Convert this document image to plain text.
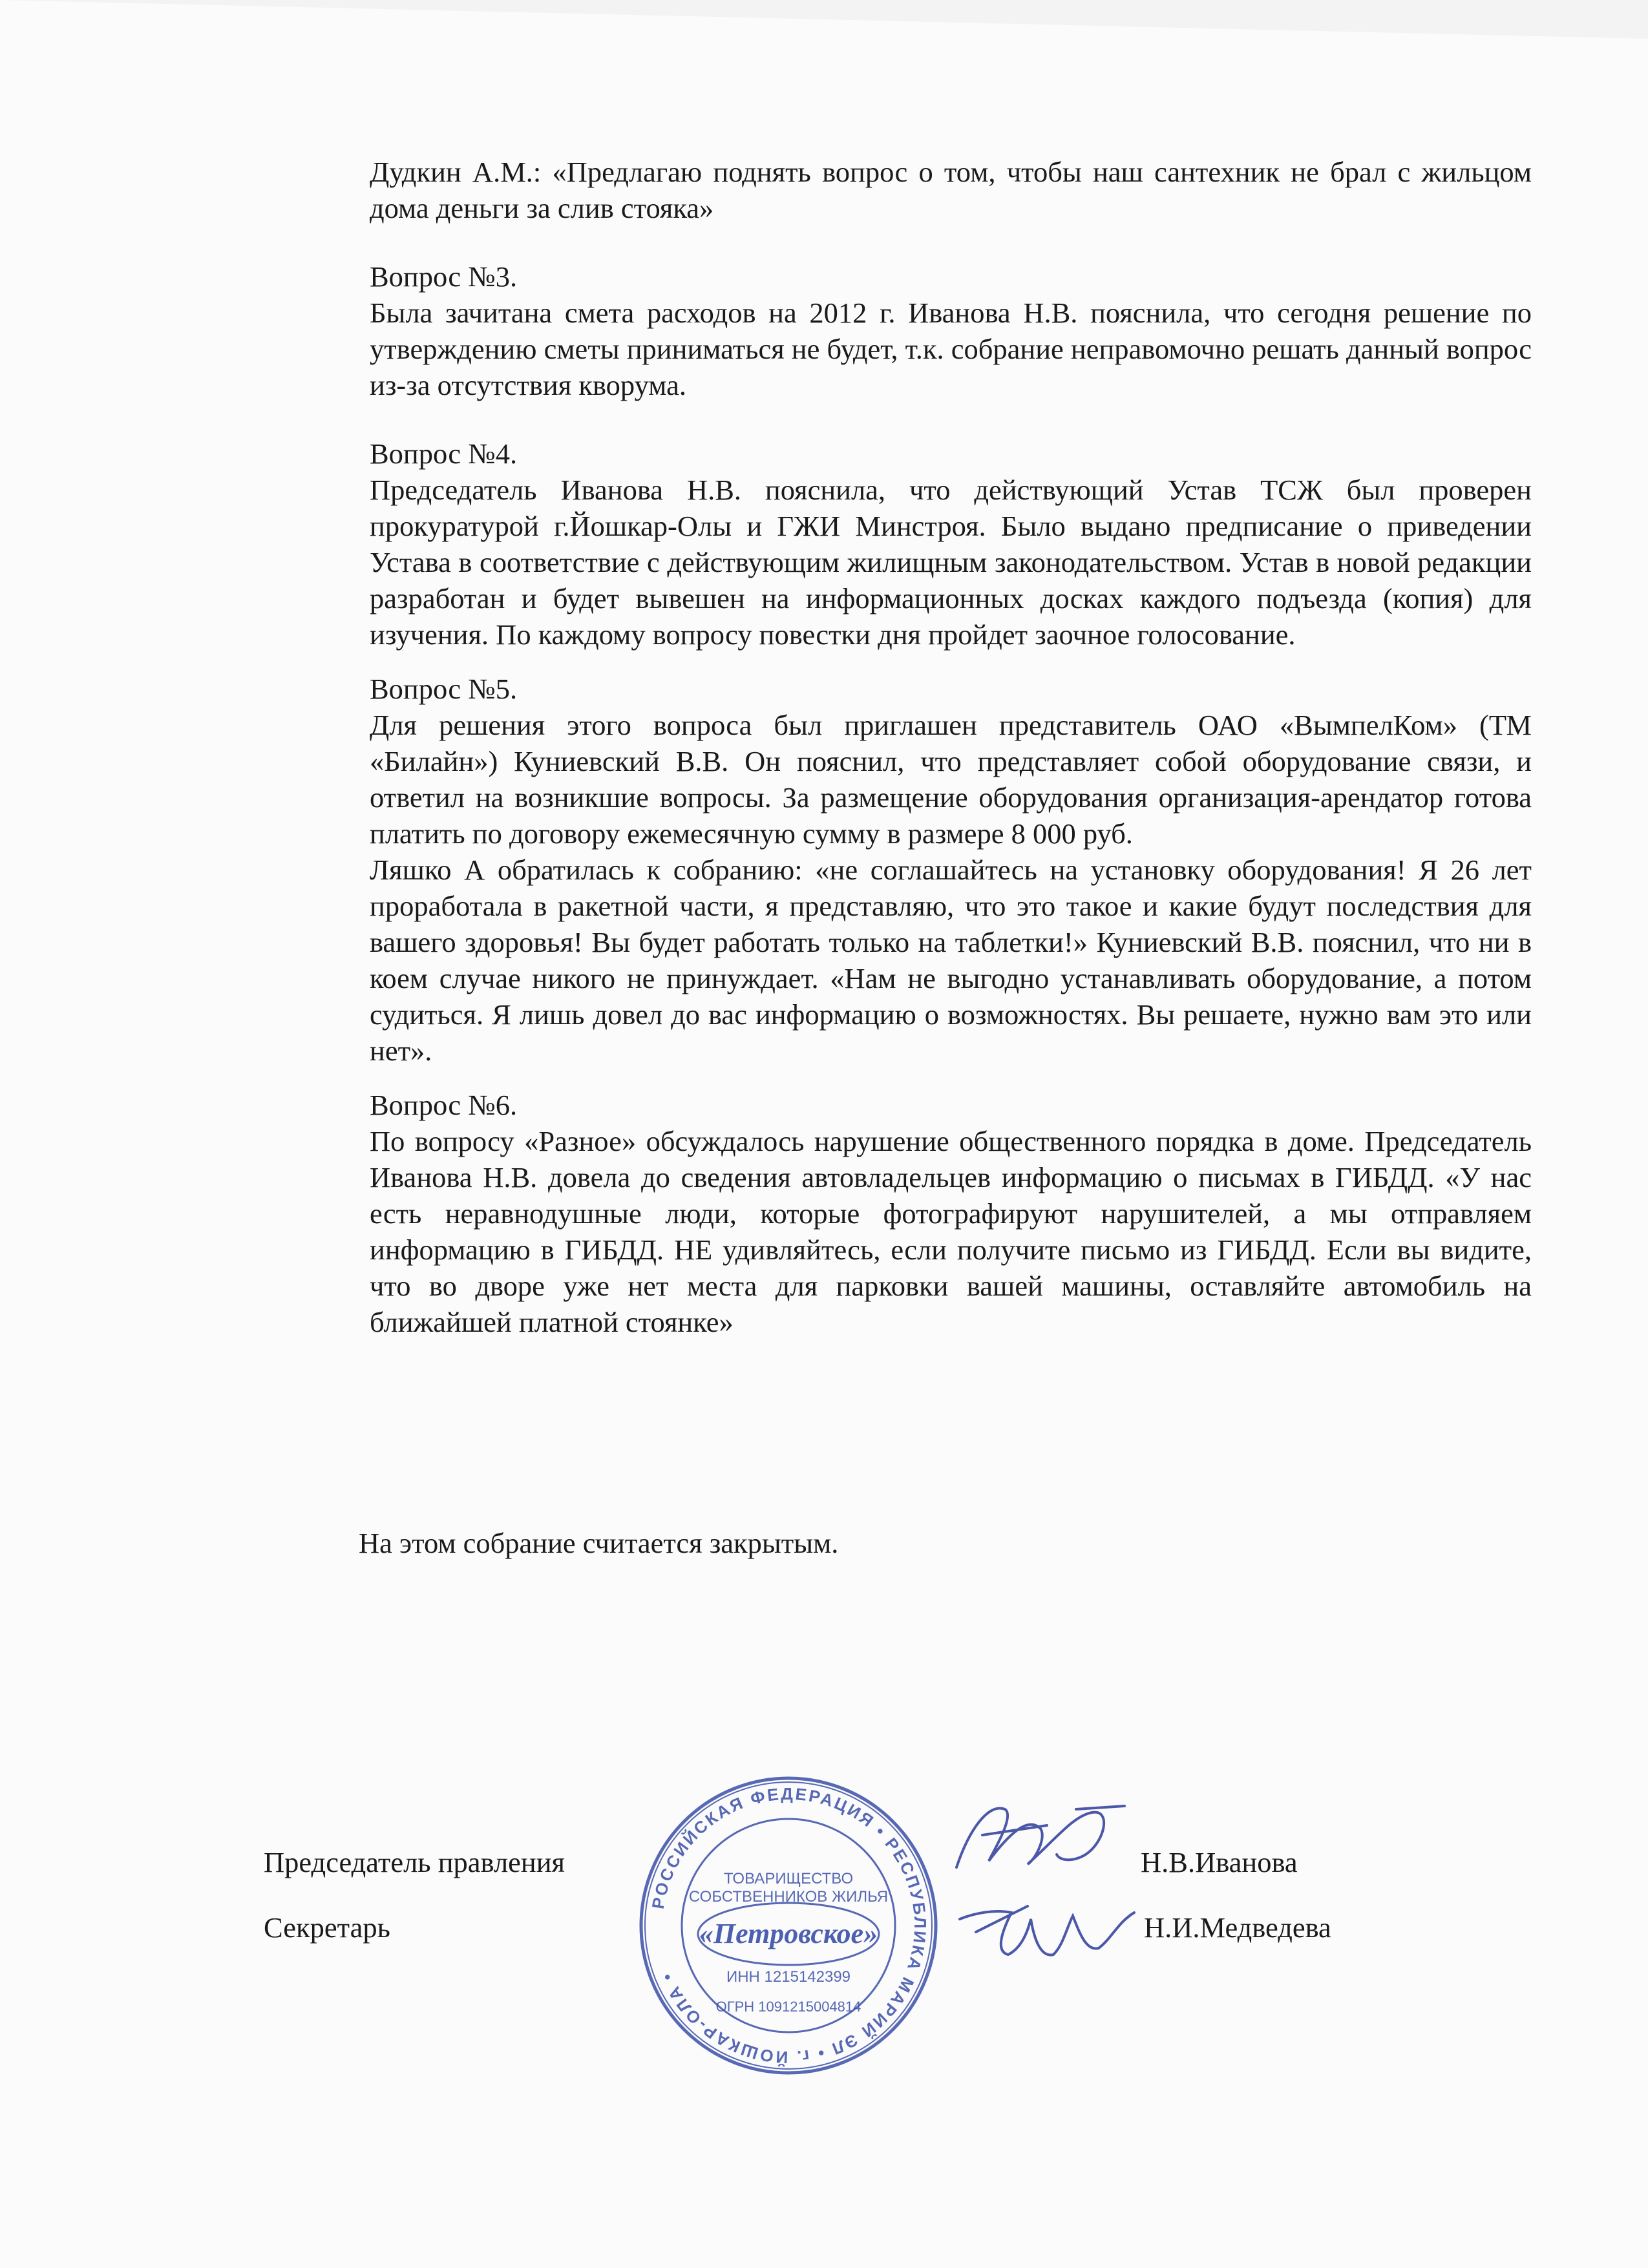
Дудкин А.М.: «Предлагаю поднять вопрос о том, чтобы наш сантехник не брал с жильцом дома деньги за слив стояка»

Вопрос №3.

Была зачитана смета расходов на 2012 г. Иванова Н.В. пояснила, что сегодня решение по утверждению сметы приниматься не будет, т.к. собрание неправомочно решать данный вопрос из-за отсутствия кворума.

Вопрос №4.

Председатель Иванова Н.В. пояснила, что действующий Устав ТСЖ был проверен прокуратурой г.Йошкар-Олы и ГЖИ Минстроя. Было выдано предписание о приведении Устава в соответствие с действующим жилищным законодательством. Устав в новой редакции разработан и будет вывешен на информационных досках каждого подъезда (копия) для изучения. По каждому вопросу повестки дня пройдет заочное голосование.

Вопрос №5.

Для решения этого вопроса был приглашен представитель ОАО «ВымпелКом» (ТМ «Билайн») Куниевский В.В. Он пояснил, что представляет собой оборудование связи, и ответил на возникшие вопросы. За размещение оборудования организация-арендатор готова платить по договору ежемесячную сумму в размере 8 000 руб.

Ляшко А обратилась к собранию: «не соглашайтесь на установку оборудования! Я 26 лет проработала в ракетной части, я представляю, что это такое и какие будут последствия для вашего здоровья! Вы будет работать только на таблетки!» Куниевский В.В. пояснил, что ни в коем случае никого не принуждает. «Нам не выгодно устанавливать оборудование, а потом судиться. Я лишь довел до вас информацию о возможностях. Вы решаете, нужно вам это или нет».

Вопрос №6.

По вопросу «Разное» обсуждалось нарушение общественного порядка в доме. Председатель Иванова Н.В. довела до сведения автовладельцев информацию о письмах в ГИБДД. «У нас есть неравнодушные люди, которые фотографируют нарушителей, а мы отправляем информацию в ГИБДД. НЕ удивляйтесь, если получите письмо из ГИБДД. Если вы видите, что во дворе уже нет места для парковки вашей машины, оставляйте автомобиль на ближайшей платной стоянке»

На этом собрание считается закрытым.
Председатель правления	Н.В.Иванова
Секретарь	Н.И.Медведева
РОССИЙСКАЯ ФЕДЕРАЦИЯ • РЕСПУБЛИКА МАРИЙ ЭЛ • г. ЙОШКАР-ОЛА •
ТОВАРИЩЕСТВО
СОБСТВЕННИКОВ ЖИЛЬЯ
«Петровское»
ИНН 1215142399
ОГРН 1091215004814
